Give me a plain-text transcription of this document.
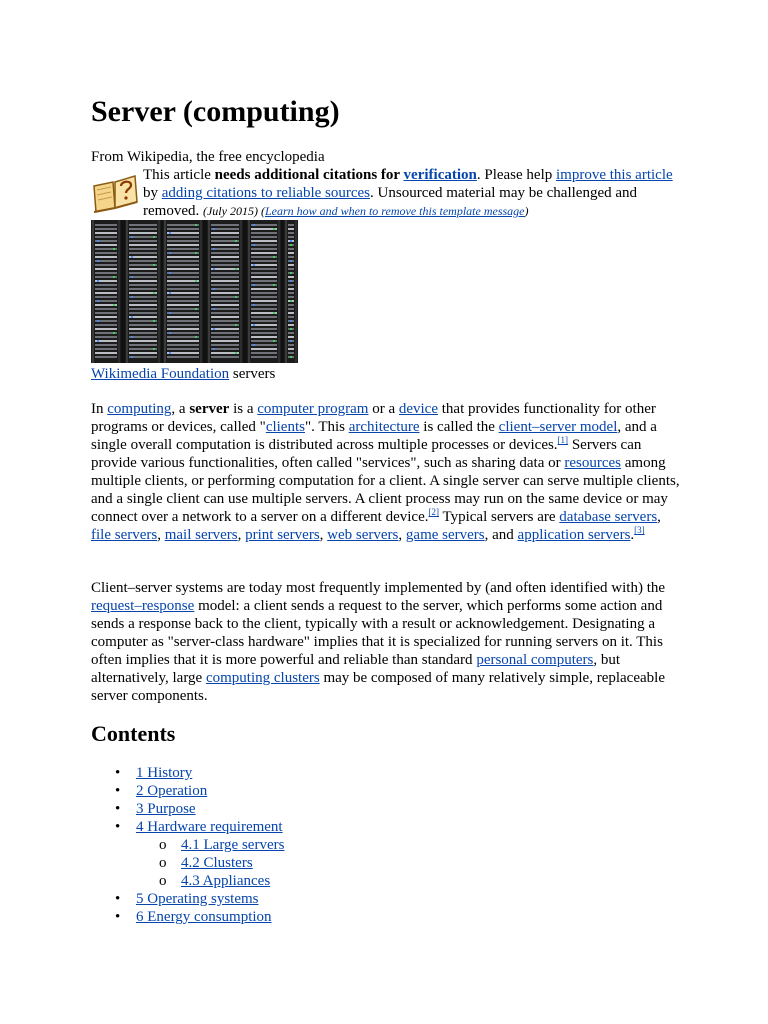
Server (computing)

From Wikipedia, the free encyclopedia

This article needs additional citations for verification. Please help improve this article by adding citations to reliable sources. Unsourced material may be challenged and removed. (July 2015) (Learn how and when to remove this template message)
Wikimedia Foundation servers

In computing, a server is a computer program or a device that provides functionality for other programs or devices, called "clients". This architecture is called the client–server model, and a single overall computation is distributed across multiple processes or devices.[1] Servers can provide various functionalities, often called "services", such as sharing data or resources among multiple clients, or performing computation for a client. A single server can serve multiple clients, and a single client can use multiple servers. A client process may run on the same device or may connect over a network to a server on a different device.[2] Typical servers are database servers, file servers, mail servers, print servers, web servers, game servers, and application servers.[3]

Client–server systems are today most frequently implemented by (and often identified with) the request–response model: a client sends a request to the server, which performs some action and sends a response back to the client, typically with a result or acknowledgement. Designating a computer as "server-class hardware" implies that it is specialized for running servers on it. This often implies that it is more powerful and reliable than standard personal computers, but alternatively, large computing clusters may be composed of many relatively simple, replaceable server components.

Contents
• 1 History
• 2 Operation
• 3 Purpose
• 4 Hardware requirement
o 4.1 Large servers
o 4.2 Clusters
o 4.3 Appliances
• 5 Operating systems
• 6 Energy consumption
